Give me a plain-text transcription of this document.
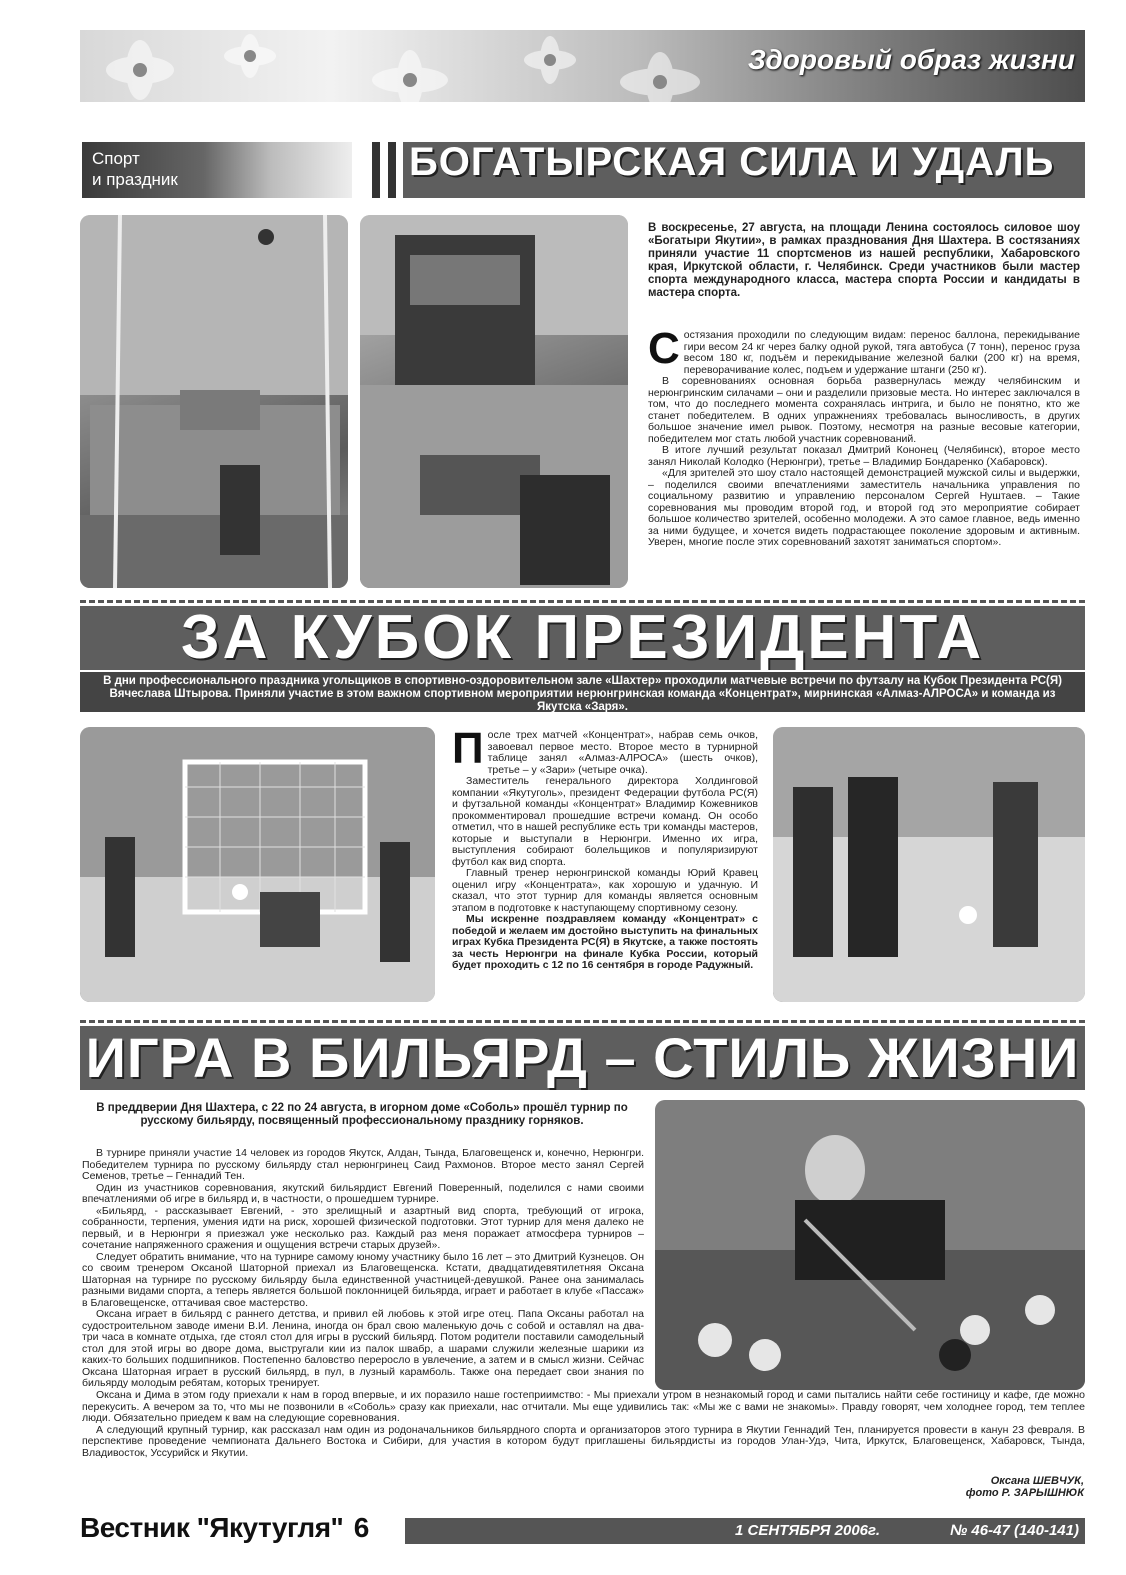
Здоровый образ жизни
Спорт
и праздник	БОГАТЫРСКАЯ СИЛА И УДАЛЬ
В воскресенье, 27 августа, на площади Ленина состоялось силовое шоу «Богатыри Якутии», в рамках празднования Дня Шахтера. В состязаниях приняли участие 11 спортсменов из нашей республики, Хабаровского края, Иркутской области, г. Челябинск. Среди участников были мастер спорта международного класса, мастера спорта России и кандидаты в мастера спорта.
С остязания проходили по следующим видам: перенос баллона, перекидывание гири весом 24 кг через балку одной рукой, тяга автобуса (7 тонн), перенос груза весом 180 кг, подъём и перекидывание железной балки (200 кг) на время, переворачивание колес, подъем и удержание штанги (250 кг).

В соревнованиях основная борьба развернулась между челябинским и нерюнгринским силачами – они и разделили призовые места. Но интерес заключался в том, что до последнего момента сохранялась интрига, и было не понятно, кто же станет победителем. В одних упражнениях требовалась выносливость, в других большое значение имел рывок. Поэтому, несмотря на разные весовые категории, победителем мог стать любой участник соревнований.

В итоге лучший результат показал Дмитрий Кононец (Челябинск), второе место занял Николай Колодко (Нерюнгри), третье – Владимир Бондаренко (Хабаровск).

«Для зрителей это шоу стало настоящей демонстрацией мужской силы и выдержки, – поделился своими впечатлениями заместитель начальника управления по социальному развитию и управлению персоналом Сергей Нуштаев. – Такие соревнования мы проводим второй год, и второй год это мероприятие собирает большое количество зрителей, особенно молодежи. А это самое главное, ведь именно за ними будущее, и хочется видеть подрастающее поколение здоровым и активным. Уверен, многие после этих соревнований захотят заниматься спортом».

ЗА КУБОК ПРЕЗИДЕНТА
В дни профессионального праздника угольщиков в спортивно-оздоровительном зале «Шахтер» проходили матчевые встречи по футзалу на Кубок Президента РС(Я) Вячеслава Штырова. Приняли участие в этом важном спортивном мероприятии нерюнгринская команда «Концентрат», мирнинская «Алмаз-АЛРОСА» и команда из Якутска «Заря».
П осле трех матчей «Концентрат», набрав семь очков, завоевал первое место. Второе место в турнирной таблице занял «Алмаз-АЛРОСА» (шесть очков), третье – у «Зари» (четыре очка).

Заместитель генерального директора Холдинговой компании «Якутуголь», президент Федерации футбола РС(Я) и футзальной команды «Концентрат» Владимир Кожевников прокомментировал прошедшие встречи команд. Он особо отметил, что в нашей республике есть три команды мастеров, которые и выступали в Нерюнгри. Именно их игра, выступления собирают болельщиков и популяризируют футбол как вид спорта.

Главный тренер нерюнгринской команды Юрий Кравец оценил игру «Концентрата», как хорошую и удачную. И сказал, что этот турнир для команды является основным этапом в подготовке к наступающему спортивному сезону.

Мы искренне поздравляем команду «Концентрат» с победой и желаем им достойно выступить на финальных играх Кубка Президента РС(Я) в Якутске, а также постоять за честь Нерюнгри на финале Кубка России, который будет проходить с 12 по 16 сентября в городе Радужный.

ИГРА В БИЛЬЯРД – СТИЛЬ ЖИЗНИ
В преддверии Дня Шахтера, с 22 по 24 августа, в игорном доме «Соболь» прошёл турнир по русскому бильярду, посвященный профессиональному празднику горняков.

В турнире приняли участие 14 человек из городов Якутск, Алдан, Тында, Благовещенск и, конечно, Нерюнгри. Победителем турнира по русскому бильярду стал нерюнгринец Саид Рахмонов. Второе место занял Сергей Семенов, третье – Геннадий Тен.

Один из участников соревнования, якутский бильярдист Евгений Поверенный, поделился с нами своими впечатлениями об игре в бильярд и, в частности, о прошедшем турнире.

«Бильярд, - рассказывает Евгений, - это зрелищный и азартный вид спорта, требующий от игрока, собранности, терпения, умения идти на риск, хорошей физической подготовки. Этот турнир для меня далеко не первый, и в Нерюнгри я приезжал уже несколько раз. Каждый раз меня поражает атмосфера турниров – сочетание напряженного сражения и ощущения встречи старых друзей».

Следует обратить внимание, что на турнире самому юному участнику было 16 лет – это Дмитрий Кузнецов. Он со своим тренером Оксаной Шаторной приехал из Благовещенска. Кстати, двадцатидевятилетняя Оксана Шаторная на турнире по русскому бильярду была единственной участницей-девушкой. Ранее она занималась разными видами спорта, а теперь является большой поклонницей бильярда, играет и работает в клубе «Пассаж» в Благовещенске, оттачивая свое мастерство.

Оксана играет в бильярд с раннего детства, и привил ей любовь к этой игре отец. Папа Оксаны работал на судостроительном заводе имени В.И. Ленина, иногда он брал свою маленькую дочь с собой и оставлял на два-три часа в комнате отдыха, где стоял стол для игры в русский бильярд. Потом родители поставили самодельный стол для этой игры во дворе дома, выстругали кии из палок швабр, а шарами служили железные шарики из каких-то больших подшипников. Постепенно баловство переросло в увлечение, а затем и в смысл жизни. Сейчас Оксана Шаторная играет в русский бильярд, в пул, в лузный карамболь. Также она передает свои знания по бильярду молодым ребятам, которых тренирует.

Оксана и Дима в этом году приехали к нам в город впервые, и их поразило наше гостеприимство: - Мы приехали утром в незнакомый город и сами пытались найти себе гостиницу и кафе, где можно перекусить. А вечером за то, что мы не позвонили в «Соболь» сразу как приехали, нас отчитали. Мы еще удивились так: «Мы же с вами не знакомы». Правду говорят, чем холоднее город, тем теплее люди. Обязательно приедем к вам на следующие соревнования.

А следующий крупный турнир, как рассказал нам один из родоначальников бильярдного спорта и организаторов этого турнира в Якутии Геннадий Тен, планируется провести в канун 23 февраля. В перспективе проведение чемпионата Дальнего Востока и Сибири, для участия в котором будут приглашены бильярдисты из городов Улан-Удэ, Чита, Иркутск, Благовещенск, Хабаровск, Тында, Владивосток, Уссурийск и Якутии.

Оксана ШЕВЧУК,
фото Р. ЗАРЫШНЮК
Вестник "Якутугля" 6	1 СЕНТЯБРЯ 2006г.	№ 46-47 (140-141)
